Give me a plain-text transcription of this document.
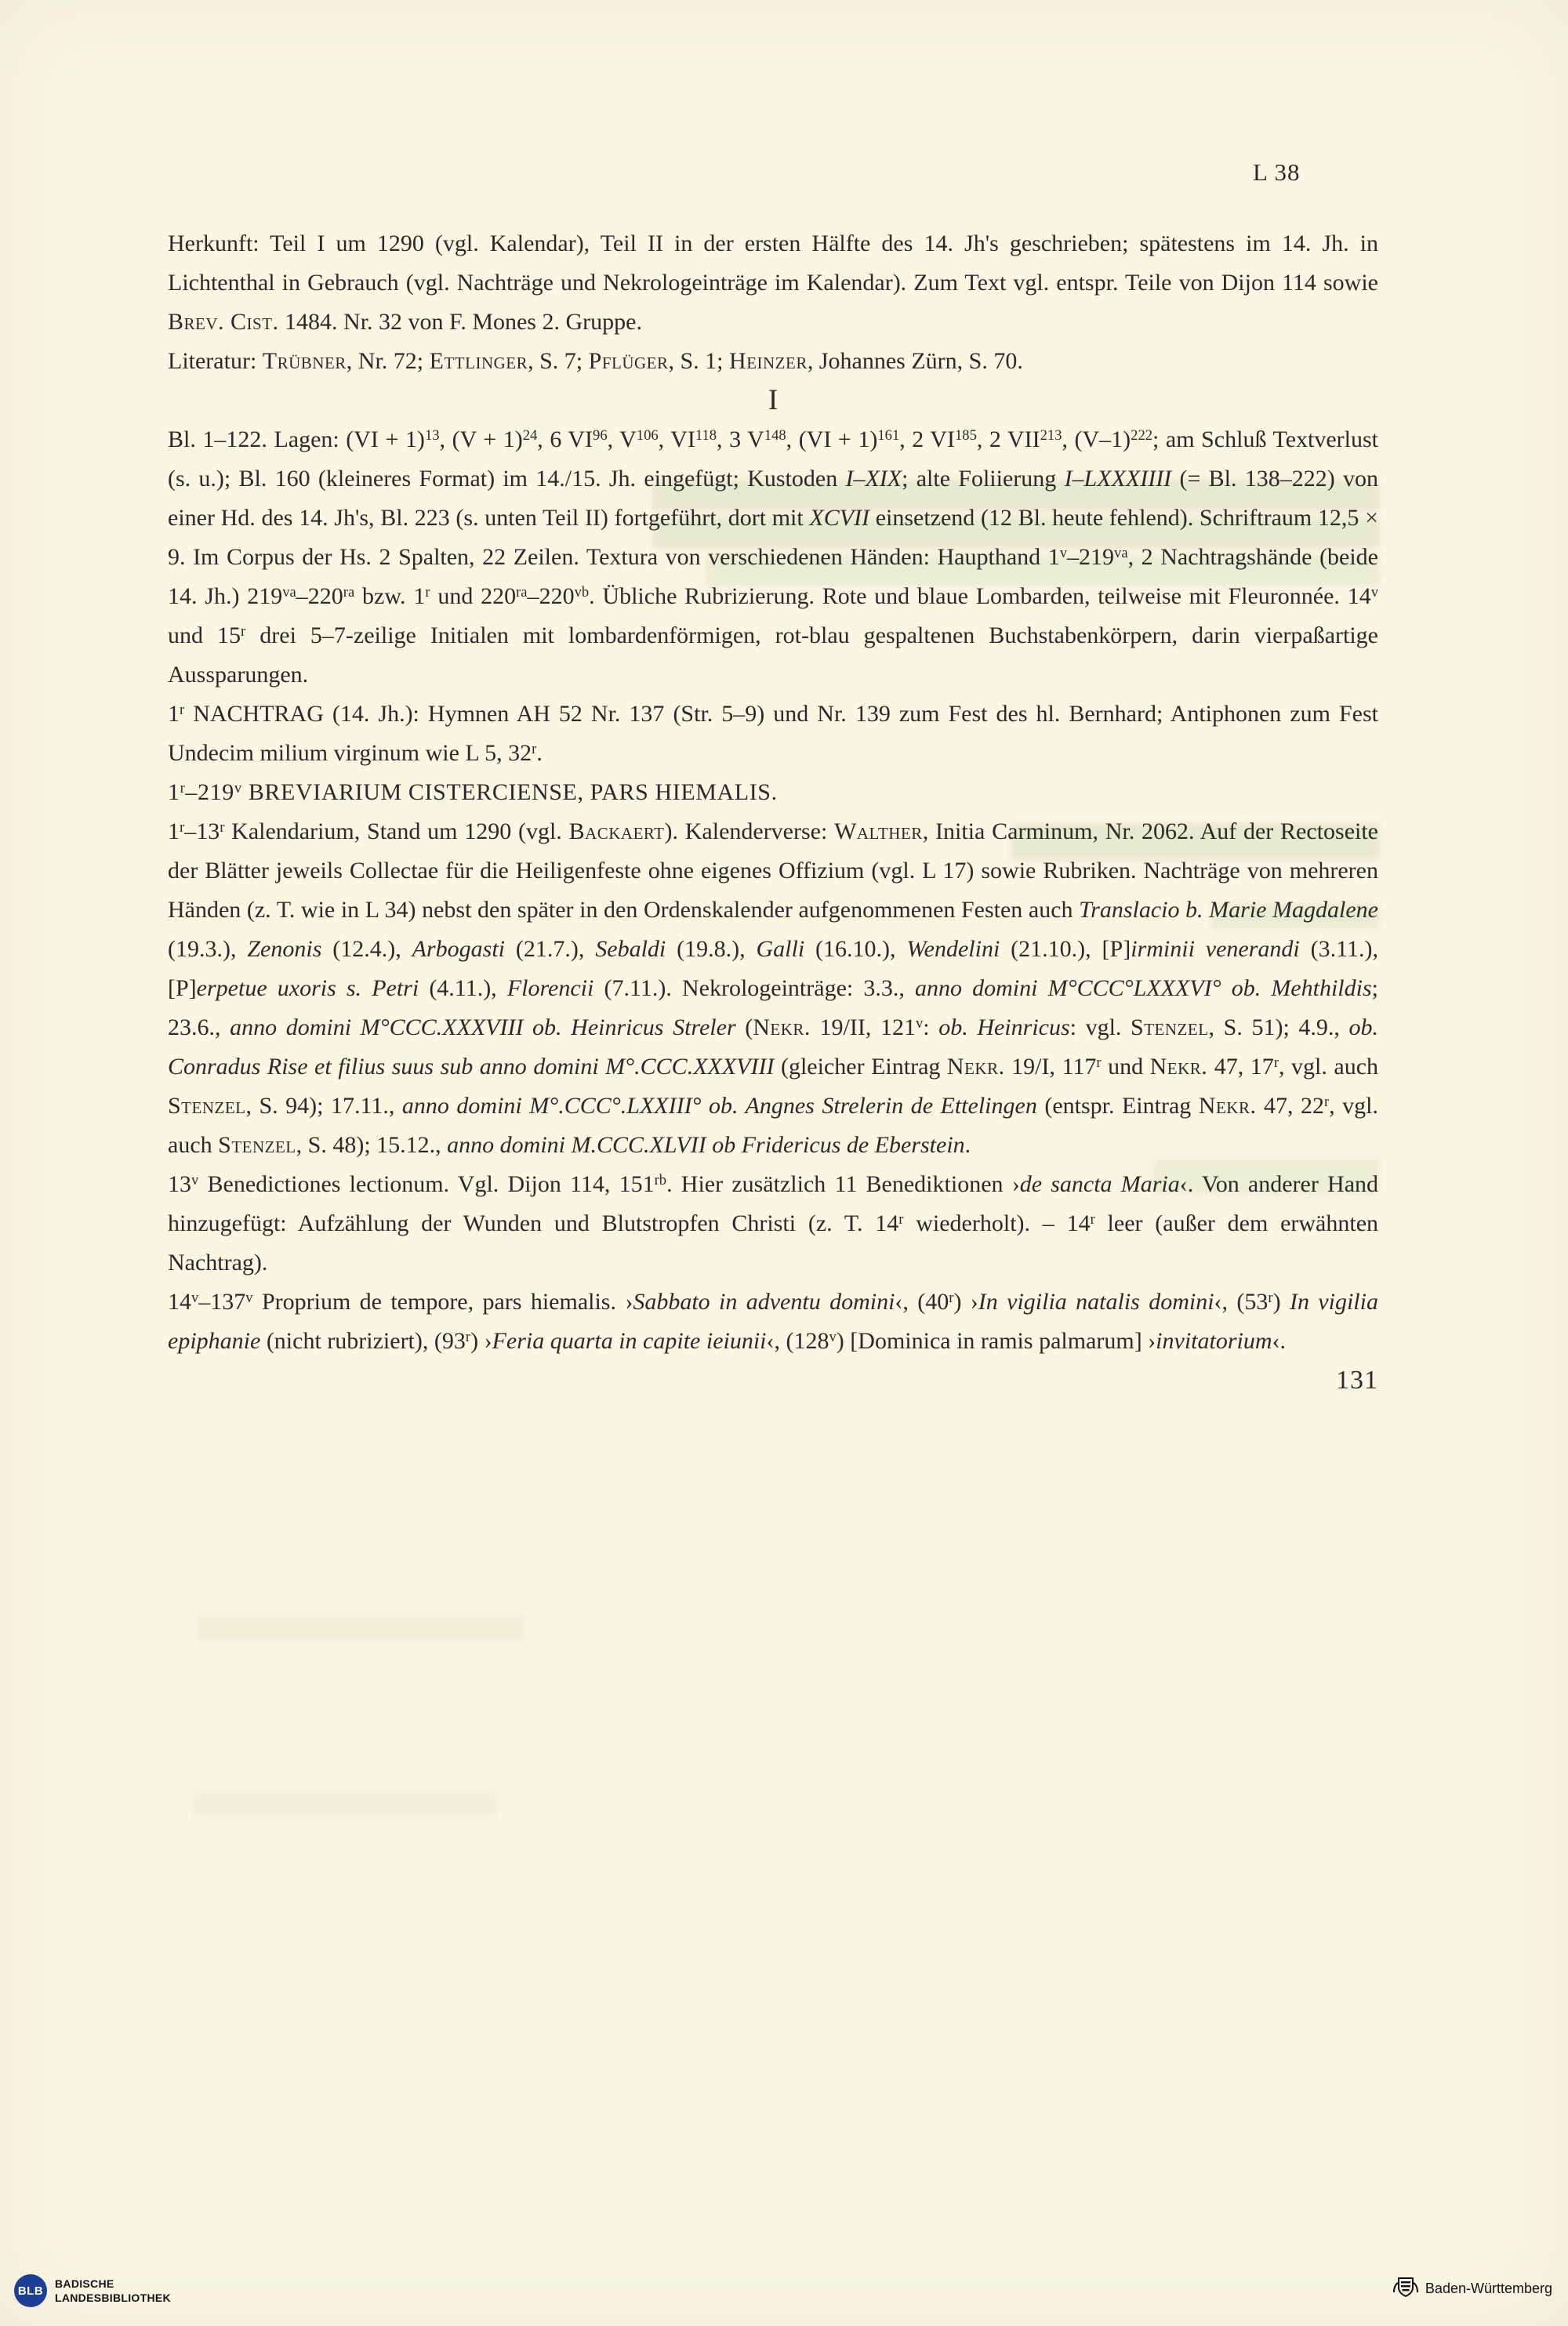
L 38

Herkunft: Teil I um 1290 (vgl. Kalendar), Teil II in der ersten Hälfte des 14. Jh's geschrieben; spätestens im 14. Jh. in Lichtenthal in Gebrauch (vgl. Nachträge und Nekrologeinträge im Kalendar). Zum Text vgl. entspr. Teile von Dijon 114 sowie Brev. Cist. 1484. Nr. 32 von F. Mones 2. Gruppe.

Literatur: Trübner, Nr. 72; Ettlinger, S. 7; Pflüger, S. 1; Heinzer, Johannes Zürn, S. 70.

I

Bl. 1–122. Lagen: (VI + 1)$^{13}$, $(V + 1)^{24}$, 6 VI$^{96}$, $V^{106}$, VI$^{118}$, 3 $V^{148}$, (VI + 1)$^{161}$, 2 VI$^{185}$, 2 VII$^{213}$, $(V-1)^{222}$; am Schluß Textverlust (s. u.); Bl. 160 (kleineres Format) im 14./15. Jh. eingefügt; Kustoden I–XIX; alte Foliierung I–LXXXIIII (= Bl. 138–222) von einer Hd. des 14. Jh's, Bl. 223 (s. unten Teil II) fortgeführt, dort mit XCVII einsetzend (12 Bl. heute fehlend). Schriftraum 12,5 × 9. Im Corpus der Hs. 2 Spalten, 22 Zeilen. Textura von verschiedenen Händen: Haupthand $1^v-219^{va}$, 2 Nachtragshände (beide 14. Jh.) $219^{va}-220^{ra}$ bzw. 1$^r$ und $220^{ra}-220^{vb}$. Übliche Rubrizierung. Rote und blaue Lombarden, teilweise mit Fleuronnée. 14$^v$ und 15$^r$ drei 5–7-zeilige Initialen mit lombardenförmigen, rot-blau gespaltenen Buchstabenkörpern, darin vierpaßartige Aussparungen.

1$^r$ NACHTRAG (14. Jh.): Hymnen AH 52 Nr. 137 (Str. 5–9) und Nr. 139 zum Fest des hl. Bernhard; Antiphonen zum Fest Undecim milium virginum wie L 5, 32$^r$.

1$^r$–219$^v$ BREVIARIUM CISTERCIENSE, PARS HIEMALIS.

1$^r$–13$^r$ Kalendarium, Stand um 1290 (vgl. Backaert). Kalenderverse: Walther, Initia Carminum, Nr. 2062. Auf der Rectoseite der Blätter jeweils Collectae für die Heiligenfeste ohne eigenes Offizium (vgl. L 17) sowie Rubriken. Nachträge von mehreren Händen (z. T. wie in L 34) nebst den später in den Ordenskalender aufgenommenen Festen auch Translacio b. Marie Magdalene (19.3.), Zenonis (12.4.), Arbogasti (21.7.), Sebaldi (19.8.), Galli (16.10.), Wendelini (21.10.), [P]irminii venerandi (3.11.), [P]erpetue uxoris s. Petri (4.11.), Florencii (7.11.). Nekrologeinträge: 3.3., anno domini M°CCC°LXXXVI° ob. Mehthildis; 23.6., anno domini M°CCC.XXXVIII ob. Heinricus Streler (Nekr. 19/II, 121$^v$: ob. Heinricus: vgl. Stenzel, S. 51); 4.9., ob. Conradus Rise et filius suus sub anno domini M°.CCC.XXXVIII (gleicher Eintrag Nekr. 19/I, 117$^r$ und Nekr. 47, 17$^r$, vgl. auch Stenzel, S. 94); 17.11., anno domini M°.CCC°.LXXIII° ob. Angnes Strelerin de Ettelingen (entspr. Eintrag Nekr. 47, 22$^r$, vgl. auch Stenzel, S. 48); 15.12., anno domini M.CCC.XLVII ob Fridericus de Eberstein.

13$^v$ Benedictiones lectionum. Vgl. Dijon 114, $151^{rb}$. Hier zusätzlich 11 Benediktionen ›de sancta Maria‹. Von anderer Hand hinzugefügt: Aufzählung der Wunden und Blutstropfen Christi (z. T. 14$^r$ wiederholt). – 14$^r$ leer (außer dem erwähnten Nachtrag).

14$^v$–137$^v$ Proprium de tempore, pars hiemalis. ›Sabbato in adventu domini‹, (40$^r$) ›In vigilia natalis domini‹, (53$^r$) In vigilia epiphanie (nicht rubriziert), (93$^r$) ›Feria quarta in capite ieiunii‹, (128$^v$) [Dominica in ramis palmarum] ›invitatorium‹.

131

BLB
BADISCHE
LANDESBIBLIOTHEK
Baden-Württemberg
